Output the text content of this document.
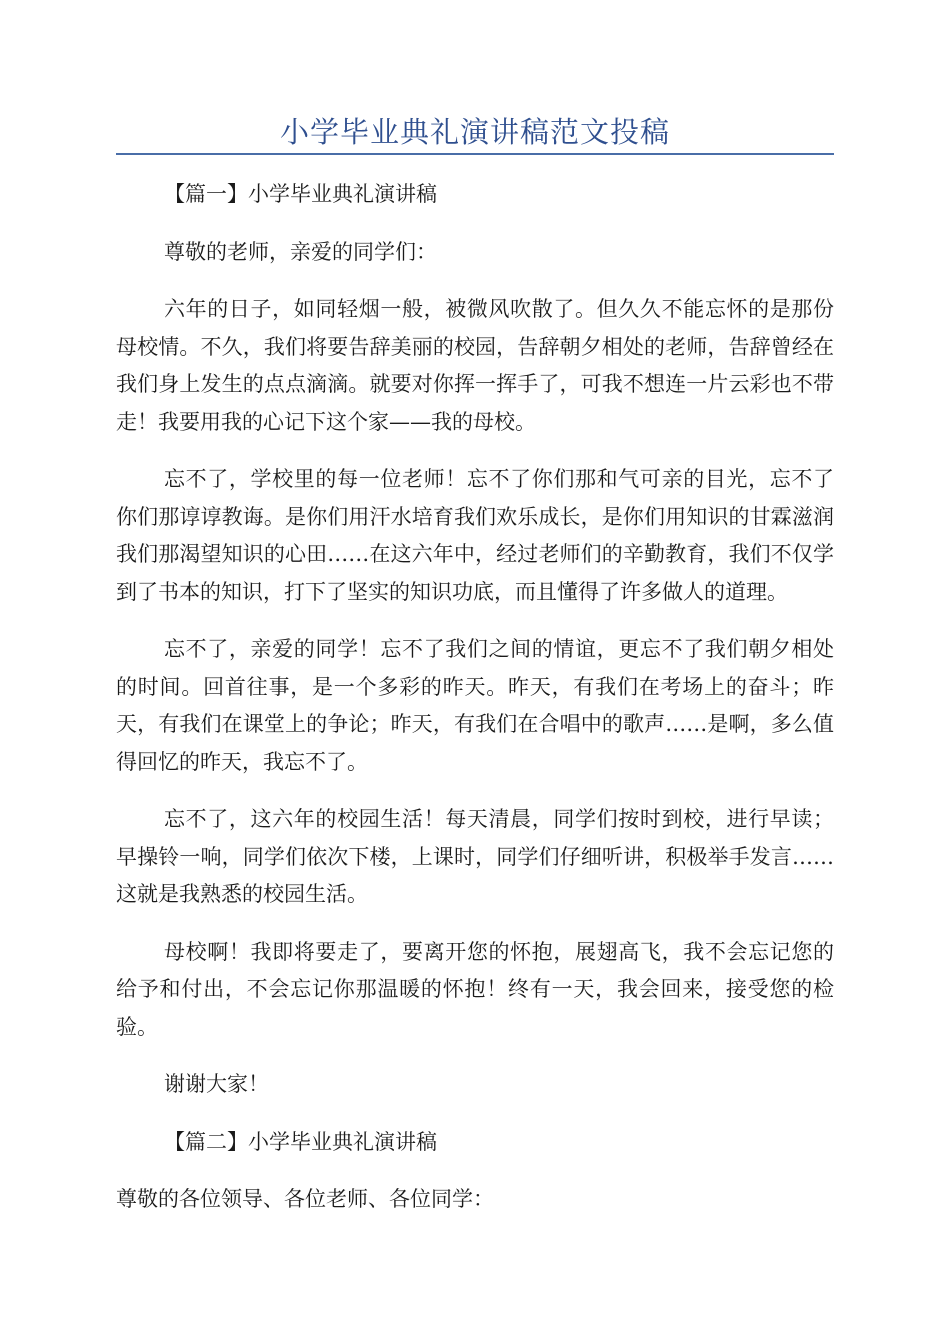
小学毕业典礼演讲稿范文投稿

【篇一】小学毕业典礼演讲稿

尊敬的老师，亲爱的同学们：

六年的日子，如同轻烟一般，被微风吹散了。但久久不能忘怀的是那份母校情。不久，我们将要告辞美丽的校园，告辞朝夕相处的老师，告辞曾经在我们身上发生的点点滴滴。就要对你挥一挥手了，可我不想连一片云彩也不带走！我要用我的心记下这个家——我的母校。

忘不了，学校里的每一位老师！忘不了你们那和气可亲的目光，忘不了你们那谆谆教诲。是你们用汗水培育我们欢乐成长，是你们用知识的甘霖滋润我们那渴望知识的心田……在这六年中，经过老师们的辛勤教育，我们不仅学到了书本的知识，打下了坚实的知识功底，而且懂得了许多做人的道理。

忘不了，亲爱的同学！忘不了我们之间的情谊，更忘不了我们朝夕相处的时间。回首往事，是一个多彩的昨天。昨天，有我们在考场上的奋斗；昨天，有我们在课堂上的争论；昨天，有我们在合唱中的歌声……是啊，多么值得回忆的昨天，我忘不了。

忘不了，这六年的校园生活！每天清晨，同学们按时到校，进行早读；早操铃一响，同学们依次下楼，上课时，同学们仔细听讲，积极举手发言……这就是我熟悉的校园生活。

母校啊！我即将要走了，要离开您的怀抱，展翅高飞，我不会忘记您的给予和付出，不会忘记你那温暖的怀抱！终有一天，我会回来，接受您的检验。

谢谢大家！

【篇二】小学毕业典礼演讲稿

尊敬的各位领导、各位老师、各位同学：
